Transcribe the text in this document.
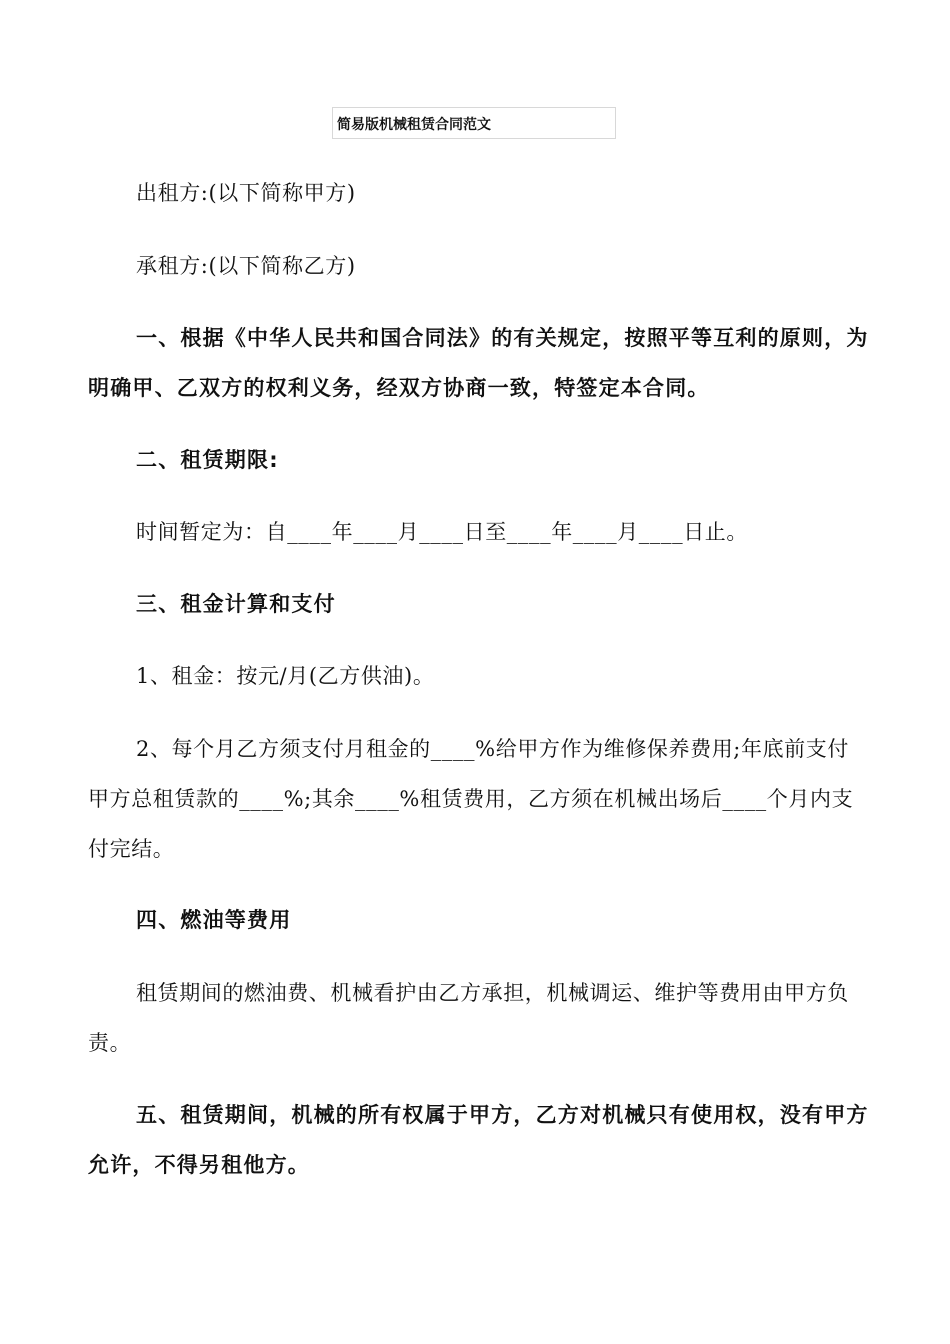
简易版机械租赁合同范文
出租方:(以下简称甲方)
承租方:(以下简称乙方)
一、根据《中华人民共和国合同法》的有关规定，按照平等互利的原则，为
明确甲、乙双方的权利义务，经双方协商一致，特签定本合同。
二、租赁期限:
时间暂定为：自____年____月____日至____年____月____日止。
三、租金计算和支付
1、租金：按元/月(乙方供油)。
2、每个月乙方须支付月租金的____%给甲方作为维修保养费用;年底前支付
甲方总租赁款的____%;其余____%租赁费用，乙方须在机械出场后____个月内支
付完结。
四、燃油等费用
租赁期间的燃油费、机械看护由乙方承担，机械调运、维护等费用由甲方负
责。
五、租赁期间，机械的所有权属于甲方，乙方对机械只有使用权，没有甲方
允许，不得另租他方。
